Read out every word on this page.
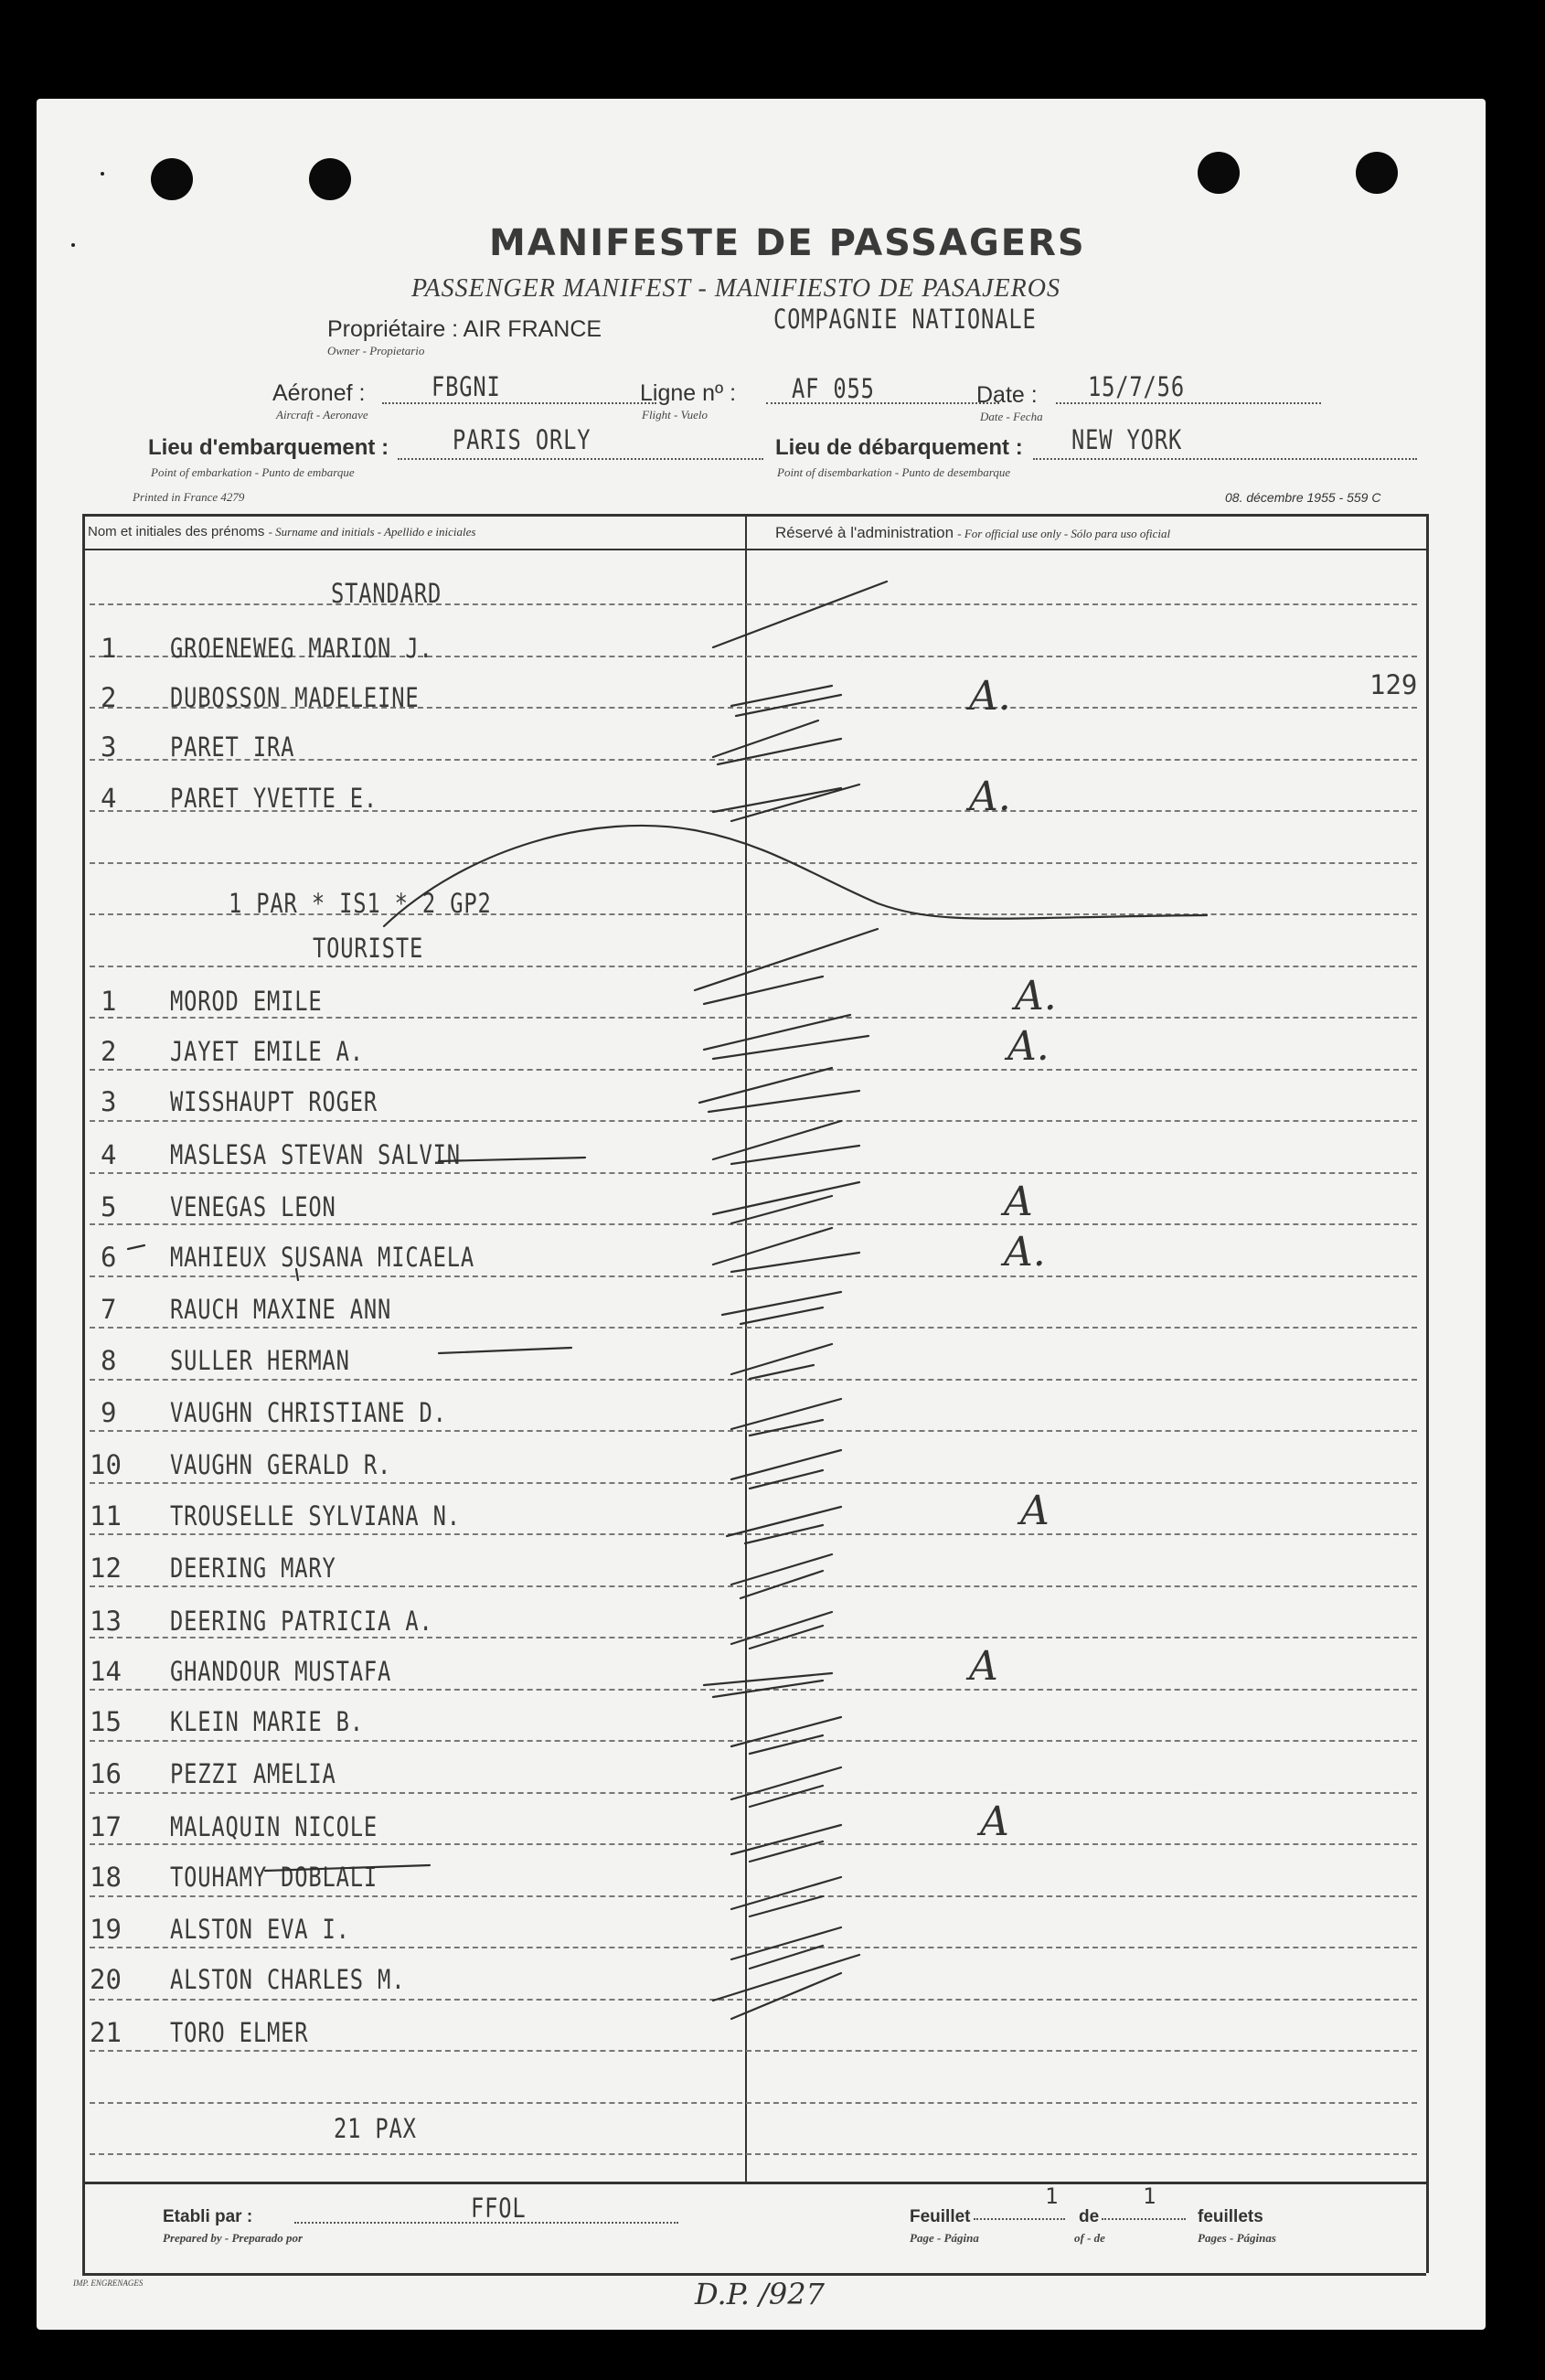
MANIFESTE DE PASSAGERS
PASSENGER MANIFEST - MANIFIESTO DE PASAJEROS
Propriétaire : AIR FRANCE
Owner - Propietario
COMPAGNIE NATIONALE
Aéronef :
Aircraft - Aeronave
FBGNI	Ligne nº :
Flight - Vuelo
AF 055	Date :
Date - Fecha
15/7/56
Lieu d'embarquement :
Point of embarkation - Punto de embarque
PARIS ORLY	Lieu de débarquement :
Point of disembarkation - Punto de desembarque
NEW YORK
Printed in France 4279	08. décembre 1955 - 559 C
Nom et initiales des prénoms - Surname and initials - Apellido e iniciales	Réservé à l'administration - For official use only - Sólo para uso oficial
STANDARD
1 GROENEWEG MARION J.
2 DUBOSSON MADELEINE	A.
3 PARET IRA
4 PARET YVETTE E.	A.
129
1 PAR * IS1 * 2 GP2
TOURISTE
1 MOROD EMILE	A.
2 JAYET EMILE A.	A.
3 WISSHAUPT ROGER
4 MASLESA STEVAN SALVIN
5 VENEGAS LEON	A
6 MAHIEUX SUSANA MICAELA	A.
7 RAUCH MAXINE ANN
8 SULLER HERMAN
9 VAUGHN CHRISTIANE D.
10 VAUGHN GERALD R.
11 TROUSELLE SYLVIANA N.	A
12 DEERING MARY
13 DEERING PATRICIA A.
14 GHANDOUR MUSTAFA	A
15 KLEIN MARIE B.
16 PEZZI AMELIA
17 MALAQUIN NICOLE	A
18 TOUHAMY DOBLALI
19 ALSTON EVA I.
20 ALSTON CHARLES M.
21 TORO ELMER
21 PAX
Etabli par :
Prepared by - Preparado por
FFOL	Feuillet
Page - Página
1
de
of - de
1
feuillets
Pages - Páginas
IMP. ENGRENAGES	D.P. /927
